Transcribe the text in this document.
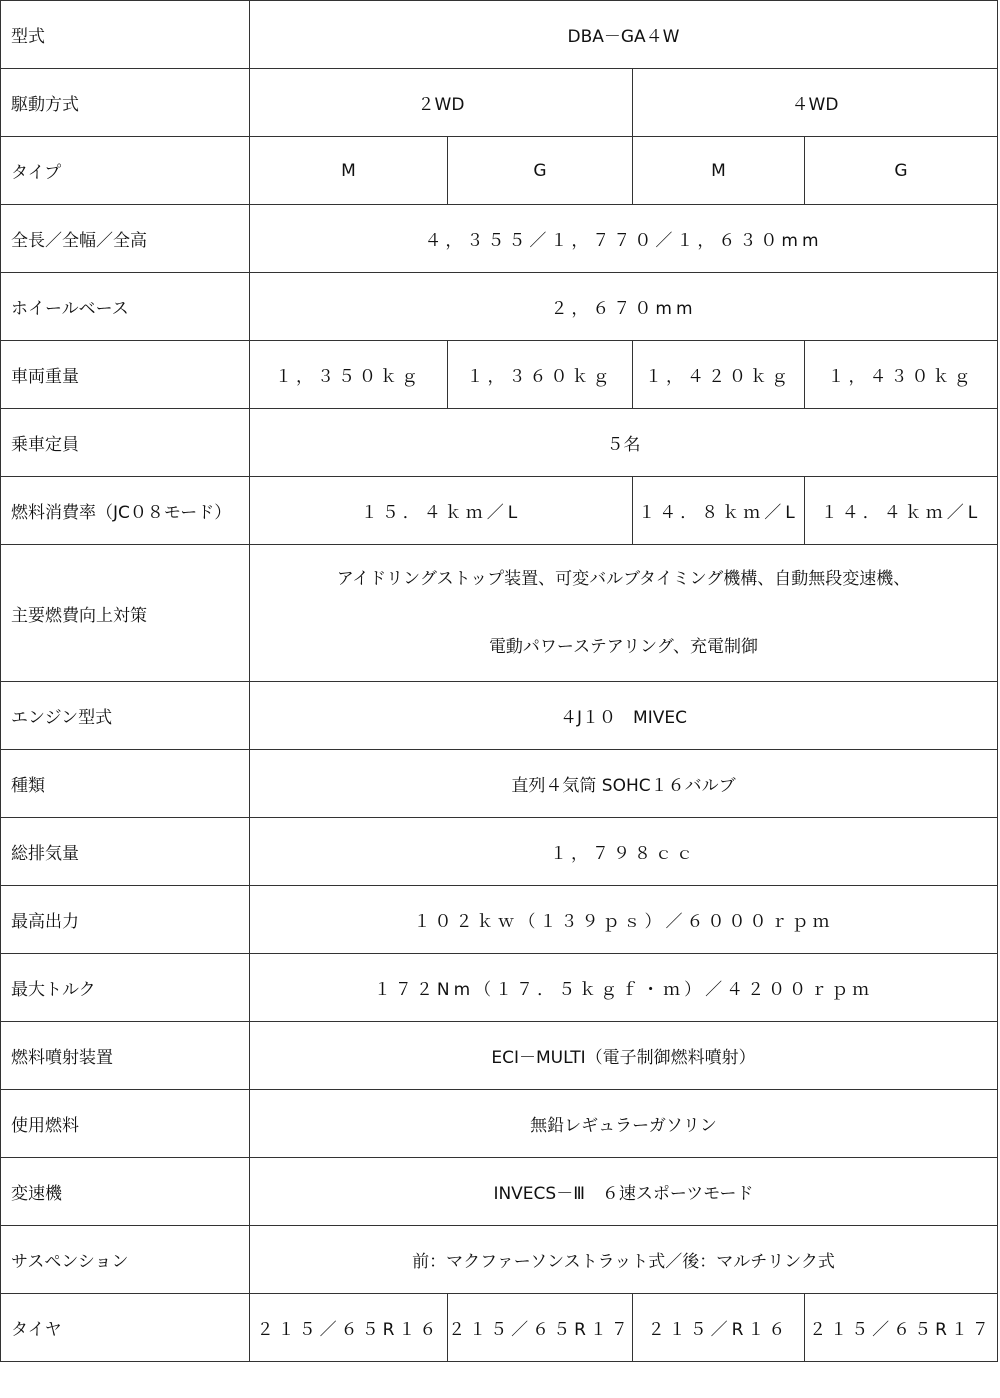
型式	DBA－GA４W			
駆動方式	２WD		４WD	
タイプ	M	G	M	G
全長／全幅／全高	４，３５５／１，７７０／１，６３０mm			
ホイールベース	２，６７０mm			
車両重量	１，３５０ｋｇ	１，３６０ｋｇ	１，４２０ｋｇ	１，４３０ｋｇ
乗車定員	５名			
燃料消費率（JC０８モード）	１５．４ｋｍ／L		１４．８ｋｍ／L	１４．４ｋｍ／L
主要燃費向上対策	アイドリングストップ装置、可変バルブタイミング機構、自動無段変速機、
電動パワーステアリング、充電制御			

エンジン型式	４J１０　MIVEC			
種類	直列４気筒 SOHC１６バルブ			
総排気量	１，７９８ｃｃ			
最高出力	１０２ｋｗ（１３９ｐｓ）／６０００ｒｐｍ			
最大トルク	１７２Nm（１７．５ｋｇｆ・ｍ）／４２００ｒｐｍ			
燃料噴射装置	ECI－MULTI（電子制御燃料噴射）			
使用燃料	無鉛レギュラーガソリン			
変速機	INVECS－Ⅲ　６速スポーツモード			
サスペンション	前：マクファーソンストラット式／後：マルチリンク式			
タイヤ	２１５／６５R１６	２１５／６５R１７	２１５／R１６	２１５／６５R１７
